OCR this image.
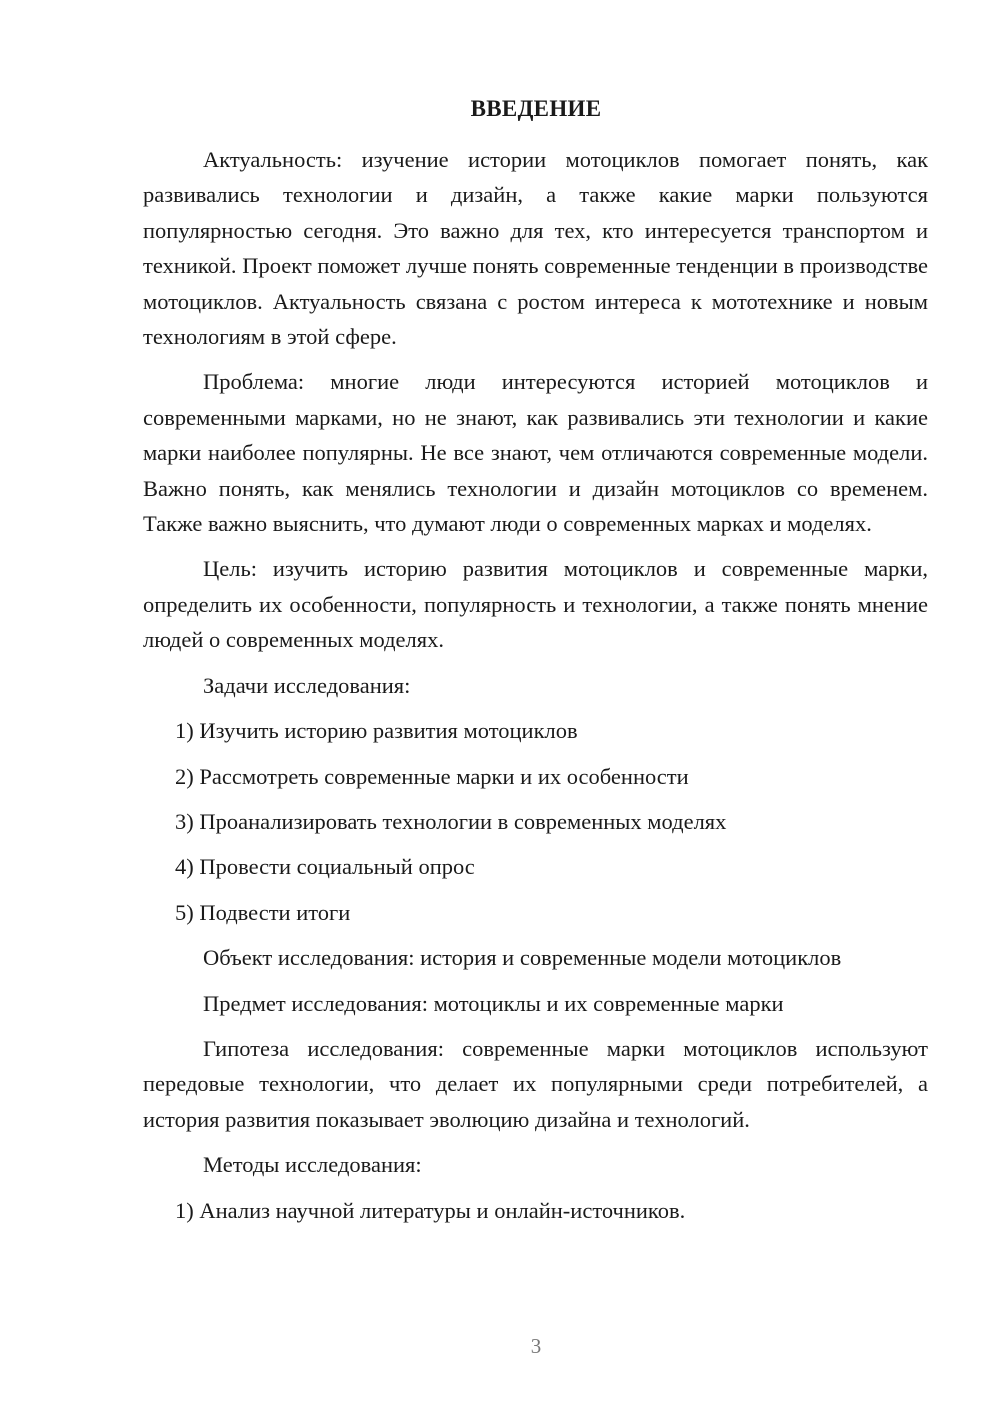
ВВЕДЕНИЕ

Актуальность: изучение истории мотоциклов помогает понять, как развивались технологии и дизайн, а также какие марки пользуются популярностью сегодня. Это важно для тех, кто интересуется транспортом и техникой. Проект поможет лучше понять современные тенденции в производстве мотоциклов. Актуальность связана с ростом интереса к мототехнике и новым технологиям в этой сфере.

Проблема: многие люди интересуются историей мотоциклов и современными марками, но не знают, как развивались эти технологии и какие марки наиболее популярны. Не все знают, чем отличаются современные модели. Важно понять, как менялись технологии и дизайн мотоциклов со временем. Также важно выяснить, что думают люди о современных марках и моделях.

Цель: изучить историю развития мотоциклов и современные марки, определить их особенности, популярность и технологии, а также понять мнение людей о современных моделях.

Задачи исследования:

1) Изучить историю развития мотоциклов

2) Рассмотреть современные марки и их особенности

3) Проанализировать технологии в современных моделях

4) Провести социальный опрос

5) Подвести итоги

Объект исследования: история и современные модели мотоциклов

Предмет исследования: мотоциклы и их современные марки

Гипотеза исследования: современные марки мотоциклов используют передовые технологии, что делает их популярными среди потребителей, а история развития показывает эволюцию дизайна и технологий.

Методы исследования:

1) Анализ научной литературы и онлайн-источников.

3
